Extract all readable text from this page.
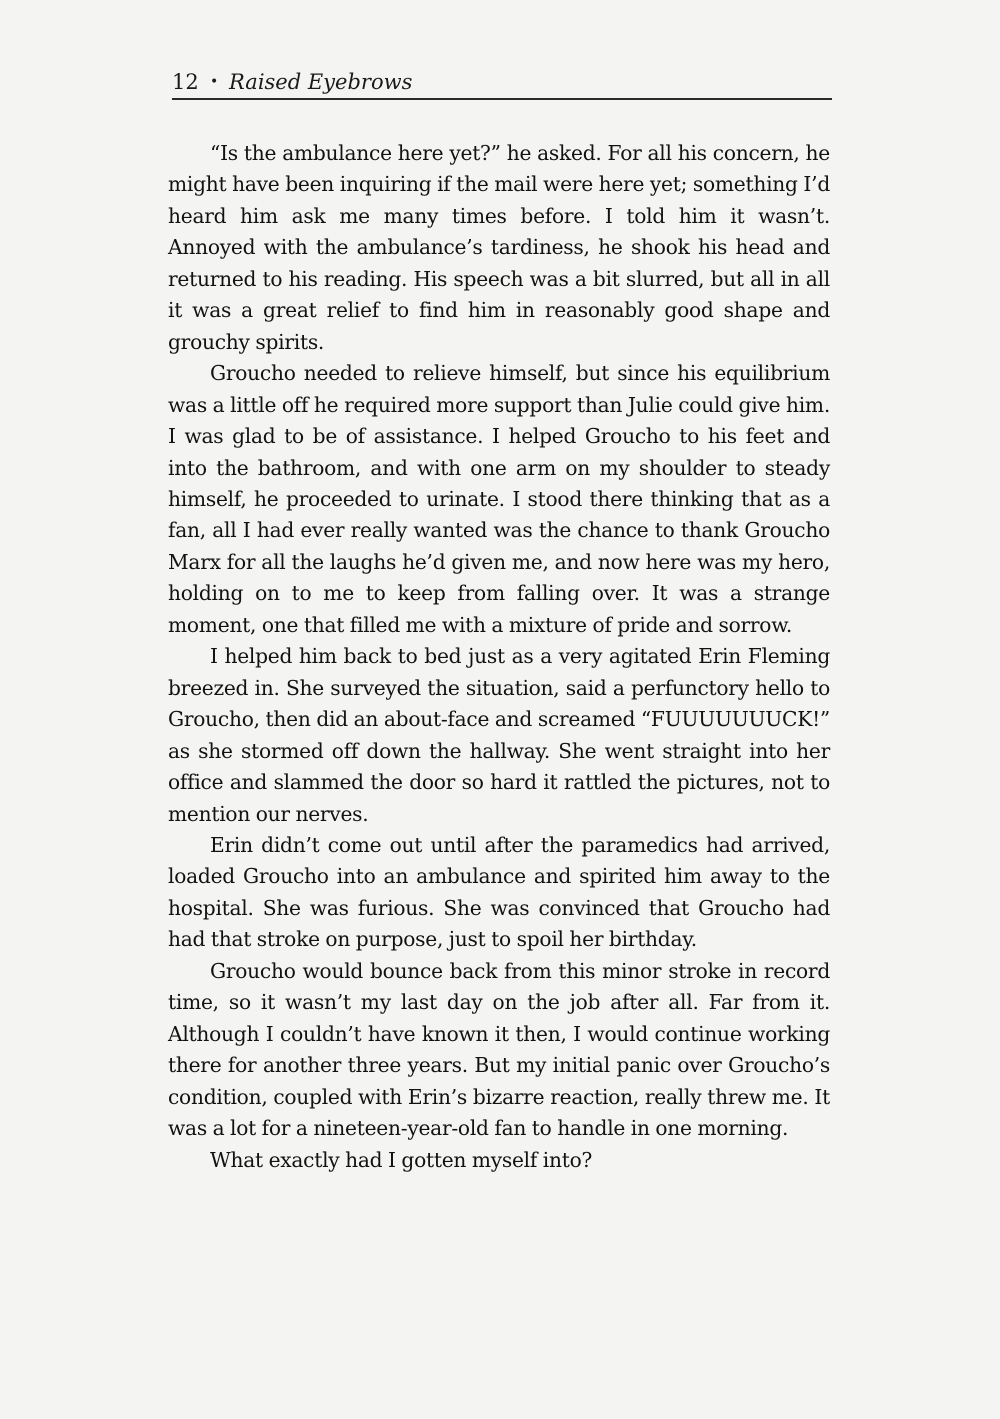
12 • Raised Eyebrows

“Is the ambulance here yet?” he asked. For all his concern, he might have been inquiring if the mail were here yet; something I’d heard him ask me many times before. I told him it wasn’t. Annoyed with the ambulance’s tardiness, he shook his head and returned to his reading. His speech was a bit slurred, but all in all it was a great relief to find him in reasonably good shape and grouchy spirits.

Groucho needed to relieve himself, but since his equilibrium was a little off he required more support than Julie could give him. I was glad to be of assistance. I helped Groucho to his feet and into the bathroom, and with one arm on my shoulder to steady himself, he proceeded to urinate. I stood there thinking that as a fan, all I had ever really wanted was the chance to thank Groucho Marx for all the laughs he’d given me, and now here was my hero, holding on to me to keep from falling over. It was a strange moment, one that filled me with a mixture of pride and sorrow.

I helped him back to bed just as a very agitated Erin Fleming breezed in. She surveyed the situation, said a perfunctory hello to Groucho, then did an about-face and screamed “FUUUUUUUCK!” as she stormed off down the hallway. She went straight into her office and slammed the door so hard it rattled the pictures, not to mention our nerves.

Erin didn’t come out until after the paramedics had arrived, loaded Groucho into an ambulance and spirited him away to the hospital. She was furious. She was convinced that Groucho had had that stroke on purpose, just to spoil her birthday.

Groucho would bounce back from this minor stroke in record time, so it wasn’t my last day on the job after all. Far from it. Although I couldn’t have known it then, I would continue working there for another three years. But my initial panic over Groucho’s condition, coupled with Erin’s bizarre reaction, really threw me. It was a lot for a nineteen-year-old fan to handle in one morning.

What exactly had I gotten myself into?
